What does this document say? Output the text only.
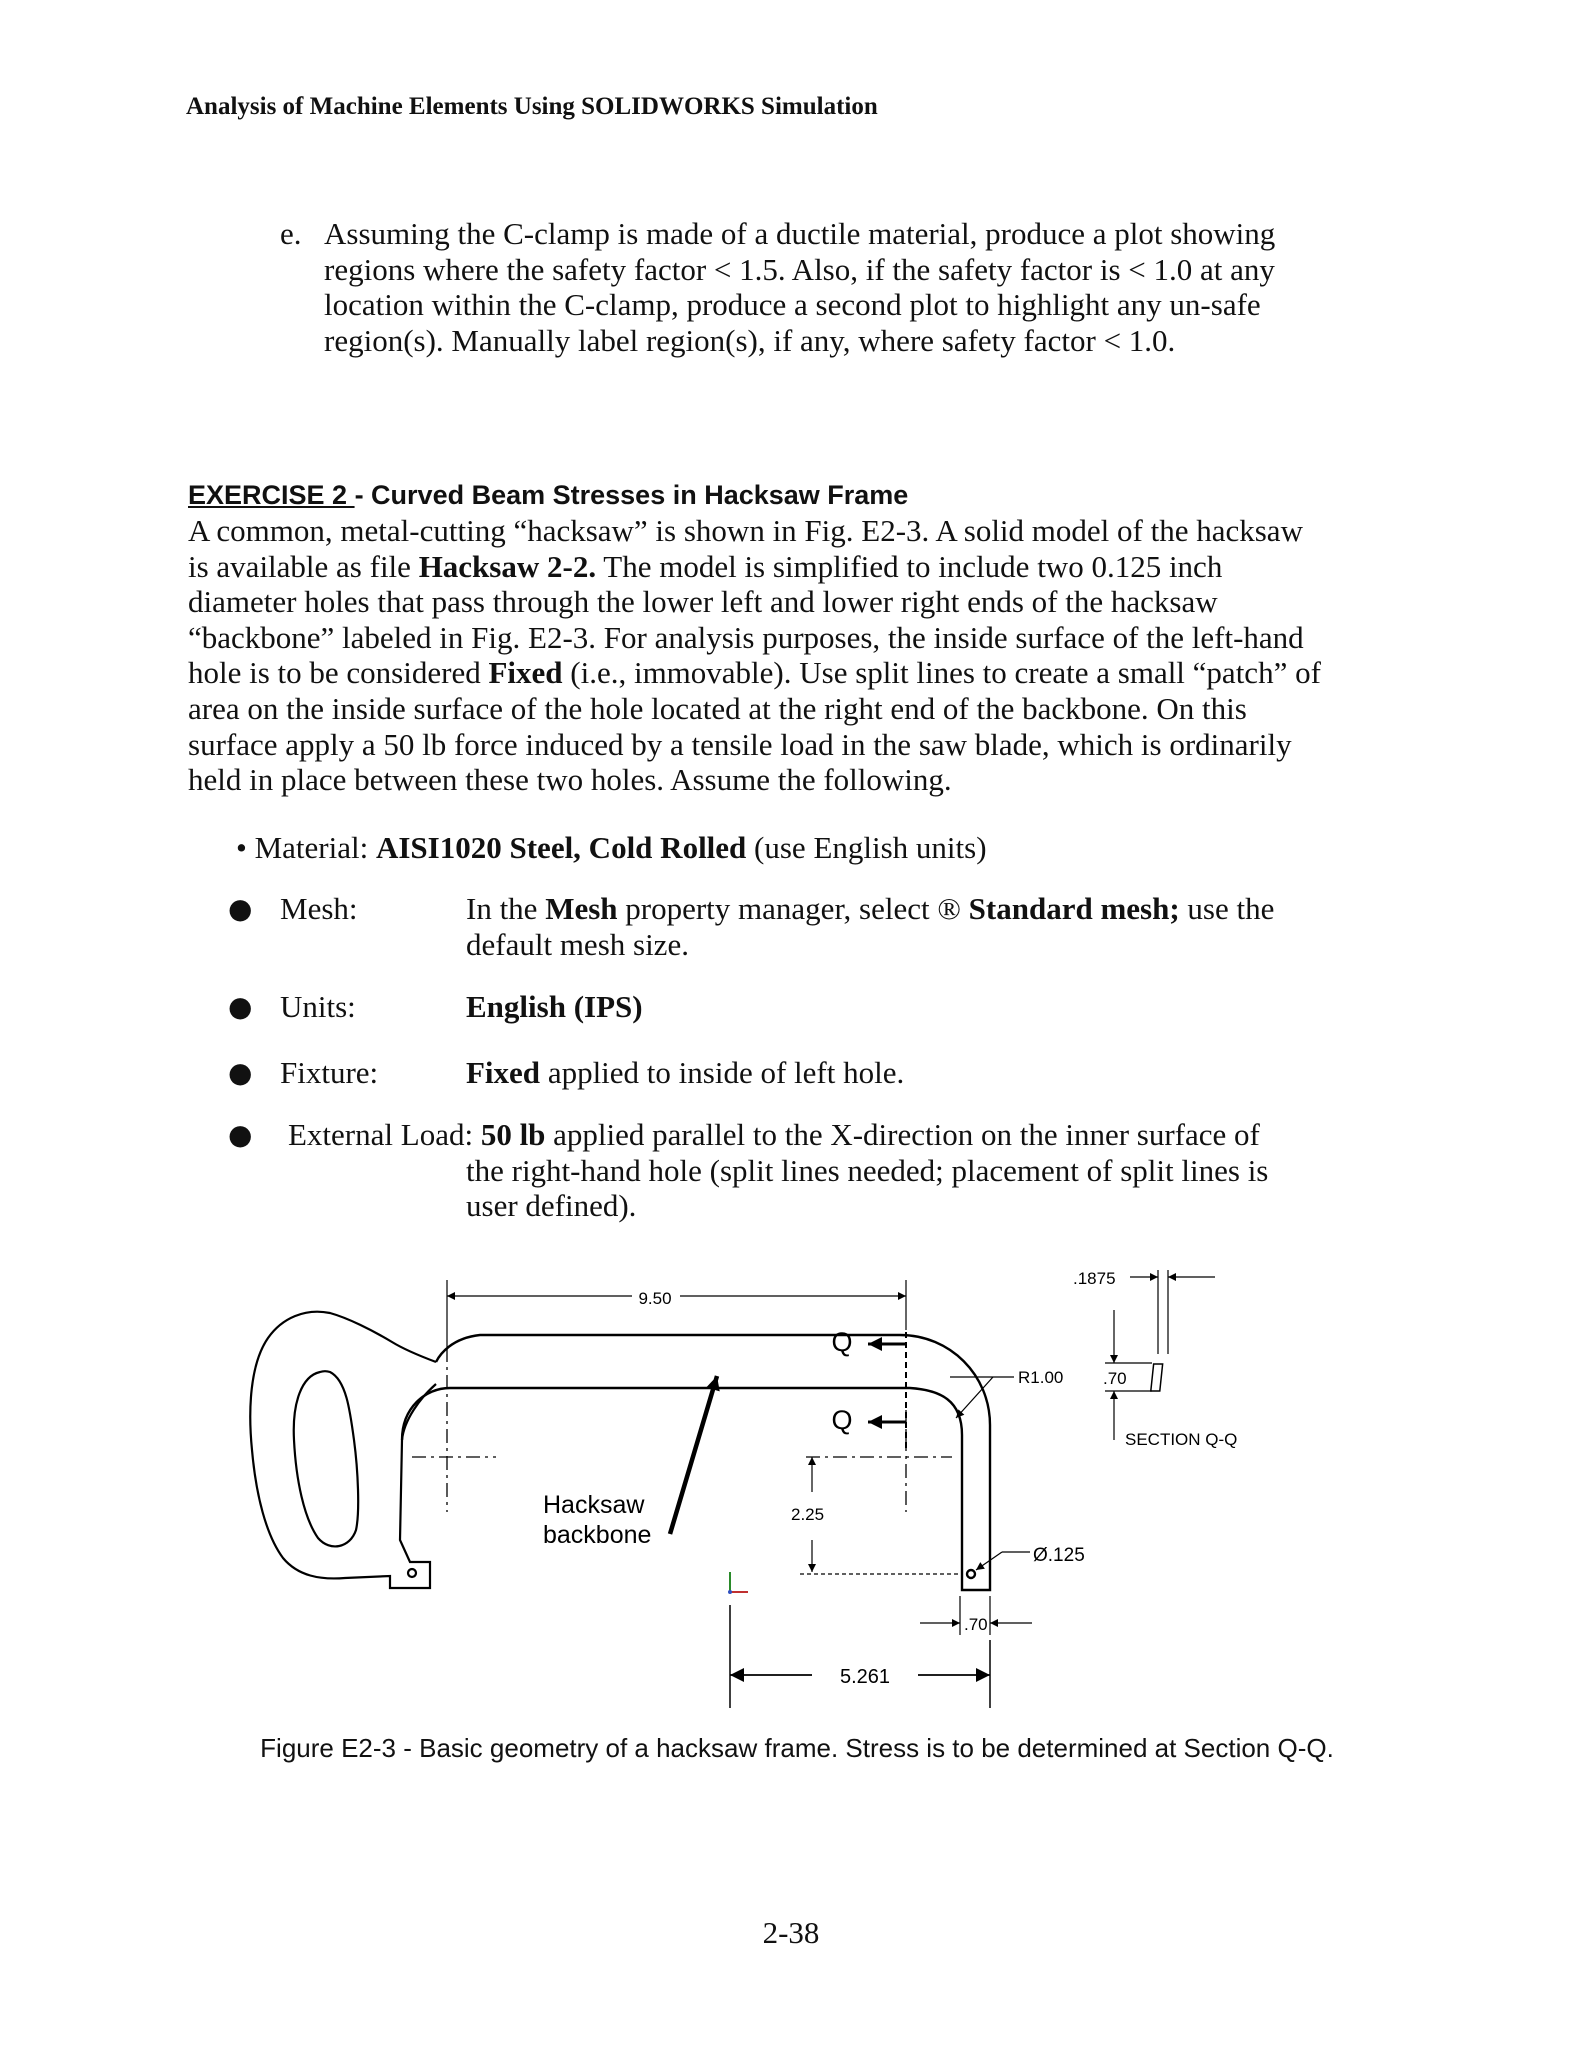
Analysis of Machine Elements Using SOLIDWORKS Simulation
e. Assuming the C-clamp is made of a ductile material, produce a plot showing regions where the safety factor < 1.5. Also, if the safety factor is < 1.0 at any location within the C-clamp, produce a second plot to highlight any un-safe region(s). Manually label region(s), if any, where safety factor < 1.0.
EXERCISE 2 - Curved Beam Stresses in Hacksaw Frame
A common, metal-cutting “hacksaw” is shown in Fig. E2-3. A solid model of the hacksaw is available as file Hacksaw 2-2. The model is simplified to include two 0.125 inch diameter holes that pass through the lower left and lower right ends of the hacksaw “backbone” labeled in Fig. E2-3. For analysis purposes, the inside surface of the left-hand hole is to be considered Fixed (i.e., immovable). Use split lines to create a small “patch” of area on the inside surface of the hole located at the right end of the backbone. On this surface apply a 50 lb force induced by a tensile load in the saw blade, which is ordinarily held in place between these two holes. Assume the following.
• Material: AISI1020 Steel, Cold Rolled (use English units)
● Mesh:	In the Mesh property manager, select ® Standard mesh; use the default mesh size.
● Units:	English (IPS)
● Fixture:	Fixed applied to inside of left hole.
● External Load: 50 lb applied parallel to the X-direction on the inner surface of
the right-hand hole (split lines needed; placement of split lines is user defined).
9.50
Q
Q
Hacksaw
backbone
R1.00
.1875
.70
SECTION Q-Q
2.25
Ø.125
.70
5.261
Figure E2-3 - Basic geometry of a hacksaw frame. Stress is to be determined at Section Q-Q.
2-38
